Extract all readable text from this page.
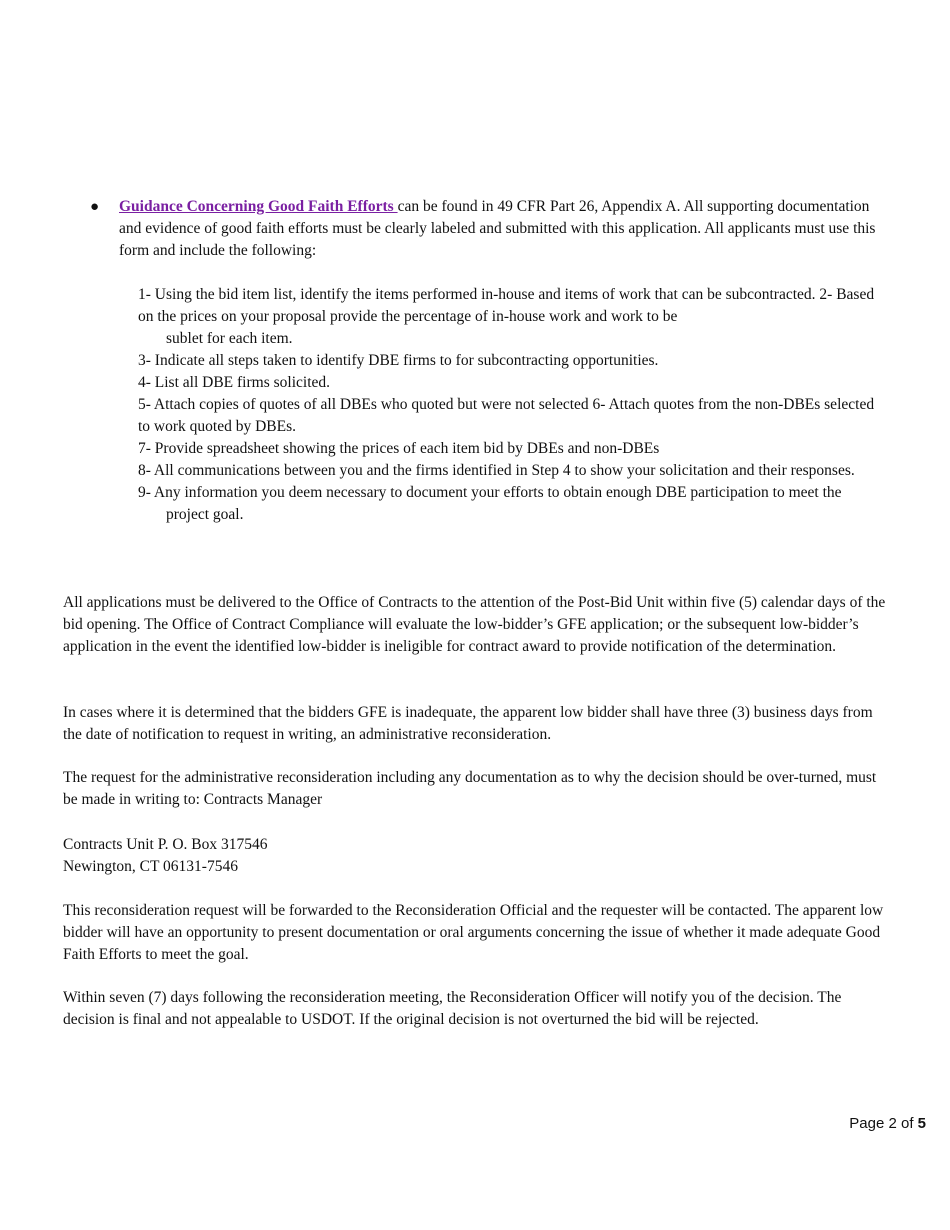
● Guidance Concerning Good Faith Efforts can be found in 49 CFR Part 26, Appendix A. All supporting documentation and evidence of good faith efforts must be clearly labeled and submitted with this application. All applicants must use this form and include the following:

1- Using the bid item list, identify the items performed in-house and items of work that can be subcontracted. 2- Based on the prices on your proposal provide the percentage of in-house work and work to be

sublet for each item.

3- Indicate all steps taken to identify DBE firms to for subcontracting opportunities.

4- List all DBE firms solicited.

5- Attach copies of quotes of all DBEs who quoted but were not selected 6- Attach quotes from the non-DBEs selected to work quoted by DBEs.

7- Provide spreadsheet showing the prices of each item bid by DBEs and non-DBEs

8- All communications between you and the firms identified in Step 4 to show your solicitation and their responses.

9- Any information you deem necessary to document your efforts to obtain enough DBE participation to meet the project goal.

All applications must be delivered to the Office of Contracts to the attention of the Post-Bid Unit within five (5) calendar days of the bid opening. The Office of Contract Compliance will evaluate the low-bidder’s GFE application; or the subsequent low-bidder’s application in the event the identified low-bidder is ineligible for contract award to provide notification of the determination.

In cases where it is determined that the bidders GFE is inadequate, the apparent low bidder shall have three (3) business days from the date of notification to request in writing, an administrative reconsideration.

The request for the administrative reconsideration including any documentation as to why the decision should be over-turned, must be made in writing to: Contracts Manager

Contracts Unit P. O. Box 317546

Newington, CT 06131-7546

This reconsideration request will be forwarded to the Reconsideration Official and the requester will be contacted. The apparent low bidder will have an opportunity to present documentation or oral arguments concerning the issue of whether it made adequate Good Faith Efforts to meet the goal.

Within seven (7) days following the reconsideration meeting, the Reconsideration Officer will notify you of the decision. The decision is final and not appealable to USDOT. If the original decision is not overturned the bid will be rejected.

Page 2 of 5
